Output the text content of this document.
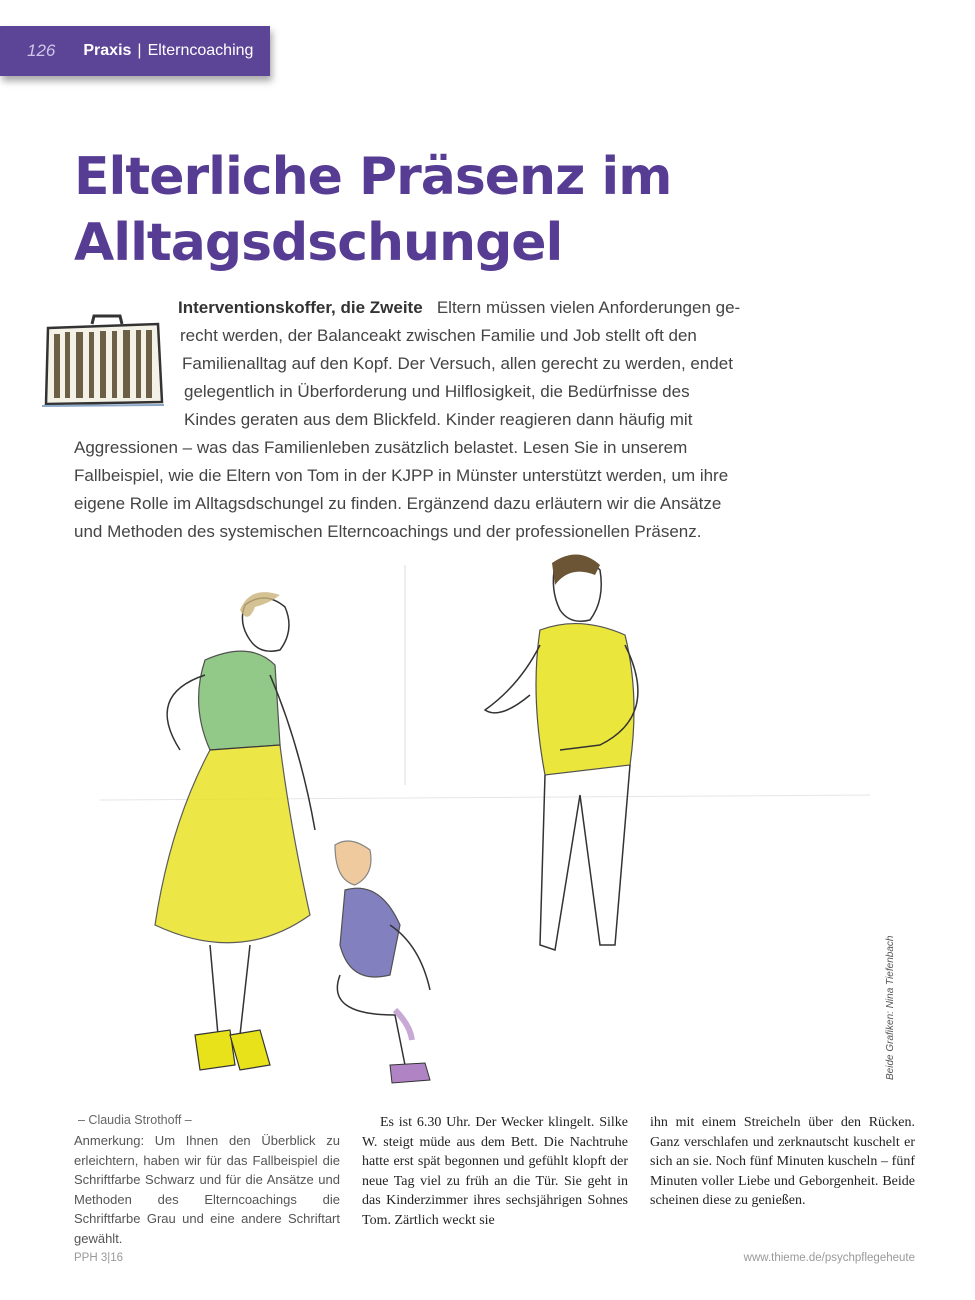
126 Praxis | Elterncoaching
Elterliche Präsenz im
Alltagsdschungel
Interventionskoffer, die Zweite Eltern müssen vielen Anforderungen ge-
recht werden, der Balanceakt zwischen Familie und Job stellt oft den
Familienalltag auf den Kopf. Der Versuch, allen gerecht zu werden, endet
gelegentlich in Überforderung und Hilflosigkeit, die Bedürfnisse des
Kindes geraten aus dem Blickfeld. Kinder reagieren dann häufig mit
Aggressionen – was das Familienleben zusätzlich belastet. Lesen Sie in unserem
Fallbeispiel, wie die Eltern von Tom in der KJPP in Münster unterstützt werden, um ihre
eigene Rolle im Alltagsdschungel zu finden. Ergänzend dazu erläutern wir die Ansätze
und Methoden des systemischen Elterncoachings und der professionellen Präsenz.
Beide Grafiken: Nina Tiefenbach
– Claudia Strothoff –
Anmerkung: Um Ihnen den Überblick zu erleichtern, haben wir für das Fallbeispiel die Schriftfarbe Schwarz und für die Ansätze und Methoden des Elterncoachings die Schriftfarbe Grau und eine andere Schriftart gewählt.
Es ist 6.30 Uhr. Der Wecker klingelt. Silke W. steigt müde aus dem Bett. Die Nachtruhe hatte erst spät begonnen und gefühlt klopft der neue Tag viel zu früh an die Tür. Sie geht in das Kinderzimmer ihres sechsjährigen Sohnes Tom. Zärtlich weckt sie
ihn mit einem Streicheln über den Rücken. Ganz verschlafen und zerknautscht kuschelt er sich an sie. Noch fünf Minuten kuscheln – fünf Minuten voller Liebe und Geborgenheit. Beide scheinen diese zu genießen.
PPH 3|16	www.thieme.de/psychpflegeheute
